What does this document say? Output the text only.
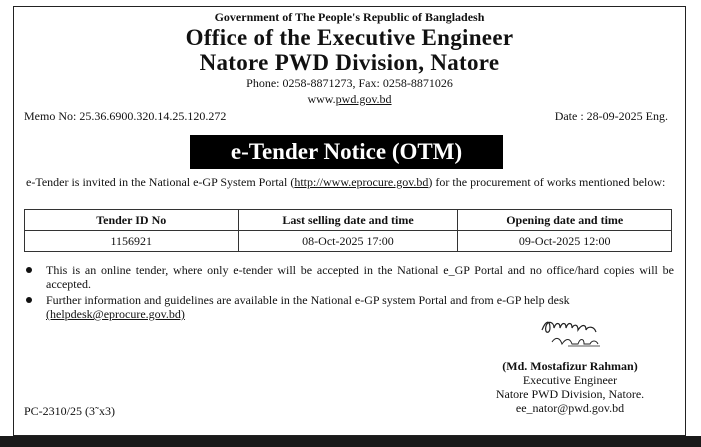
Government of The People's Republic of Bangladesh
Office of the Executive Engineer
Natore PWD Division, Natore
Phone: 0258-8871273, Fax: 0258-8871026
www.pwd.gov.bd
Memo No: 25.36.6900.320.14.25.120.272	Date : 28-09-2025 Eng.
e-Tender Notice (OTM)
e-Tender is invited in the National e-GP System Portal (http://www.eprocure.gov.bd) for the procurement of works mentioned below:
Tender ID No	Last selling date and time	Opening date and time
1156921	08-Oct-2025 17:00	09-Oct-2025 12:00
This is an online tender, where only e-tender will be accepted in the National e_GP Portal and no office/hard copies will be accepted.
Further information and guidelines are available in the National e-GP system Portal and from e-GP help desk
(helpdesk@eprocure.gov.bd)
(Md. Mostafizur Rahman)
Executive Engineer
Natore PWD Division, Natore.
ee_nator@pwd.gov.bd
PC-2310/25 (3˜x3)
